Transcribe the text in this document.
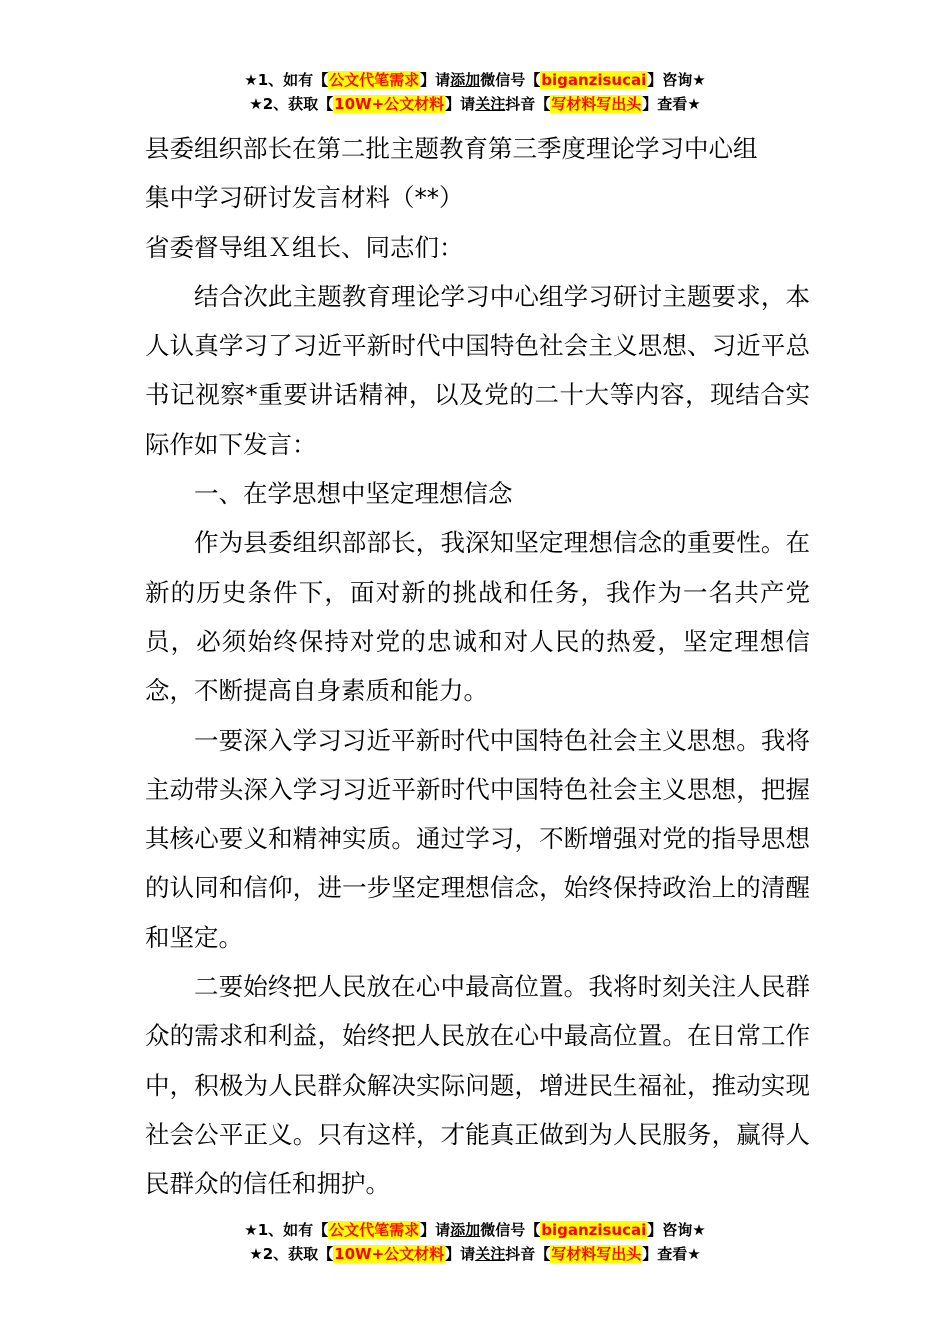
★1、如有【公文代笔需求】请添加微信号【biganzisucai】咨询★
★2、获取【10W+公文材料】请关注抖音【写材料写出头】查看★

县委组织部长在第二批主题教育第三季度理论学习中心组

集中学习研讨发言材料（**）

省委督导组Ｘ组长、同志们：

结合次此主题教育理论学习中心组学习研讨主题要求，本人认真学习了习近平新时代中国特色社会主义思想、习近平总书记视察*重要讲话精神，以及党的二十大等内容，现结合实际作如下发言：

一、在学思想中坚定理想信念

作为县委组织部部长，我深知坚定理想信念的重要性。在新的历史条件下，面对新的挑战和任务，我作为一名共产党员，必须始终保持对党的忠诚和对人民的热爱，坚定理想信念，不断提高自身素质和能力。

一要深入学习习近平新时代中国特色社会主义思想。我将主动带头深入学习习近平新时代中国特色社会主义思想，把握其核心要义和精神实质。通过学习，不断增强对党的指导思想的认同和信仰，进一步坚定理想信念，始终保持政治上的清醒和坚定。

二要始终把人民放在心中最高位置。我将时刻关注人民群众的需求和利益，始终把人民放在心中最高位置。在日常工作中，积极为人民群众解决实际问题，增进民生福祉，推动实现社会公平正义。只有这样，才能真正做到为人民服务，赢得人民群众的信任和拥护。

★1、如有【公文代笔需求】请添加微信号【biganzisucai】咨询★
★2、获取【10W+公文材料】请关注抖音【写材料写出头】查看★
